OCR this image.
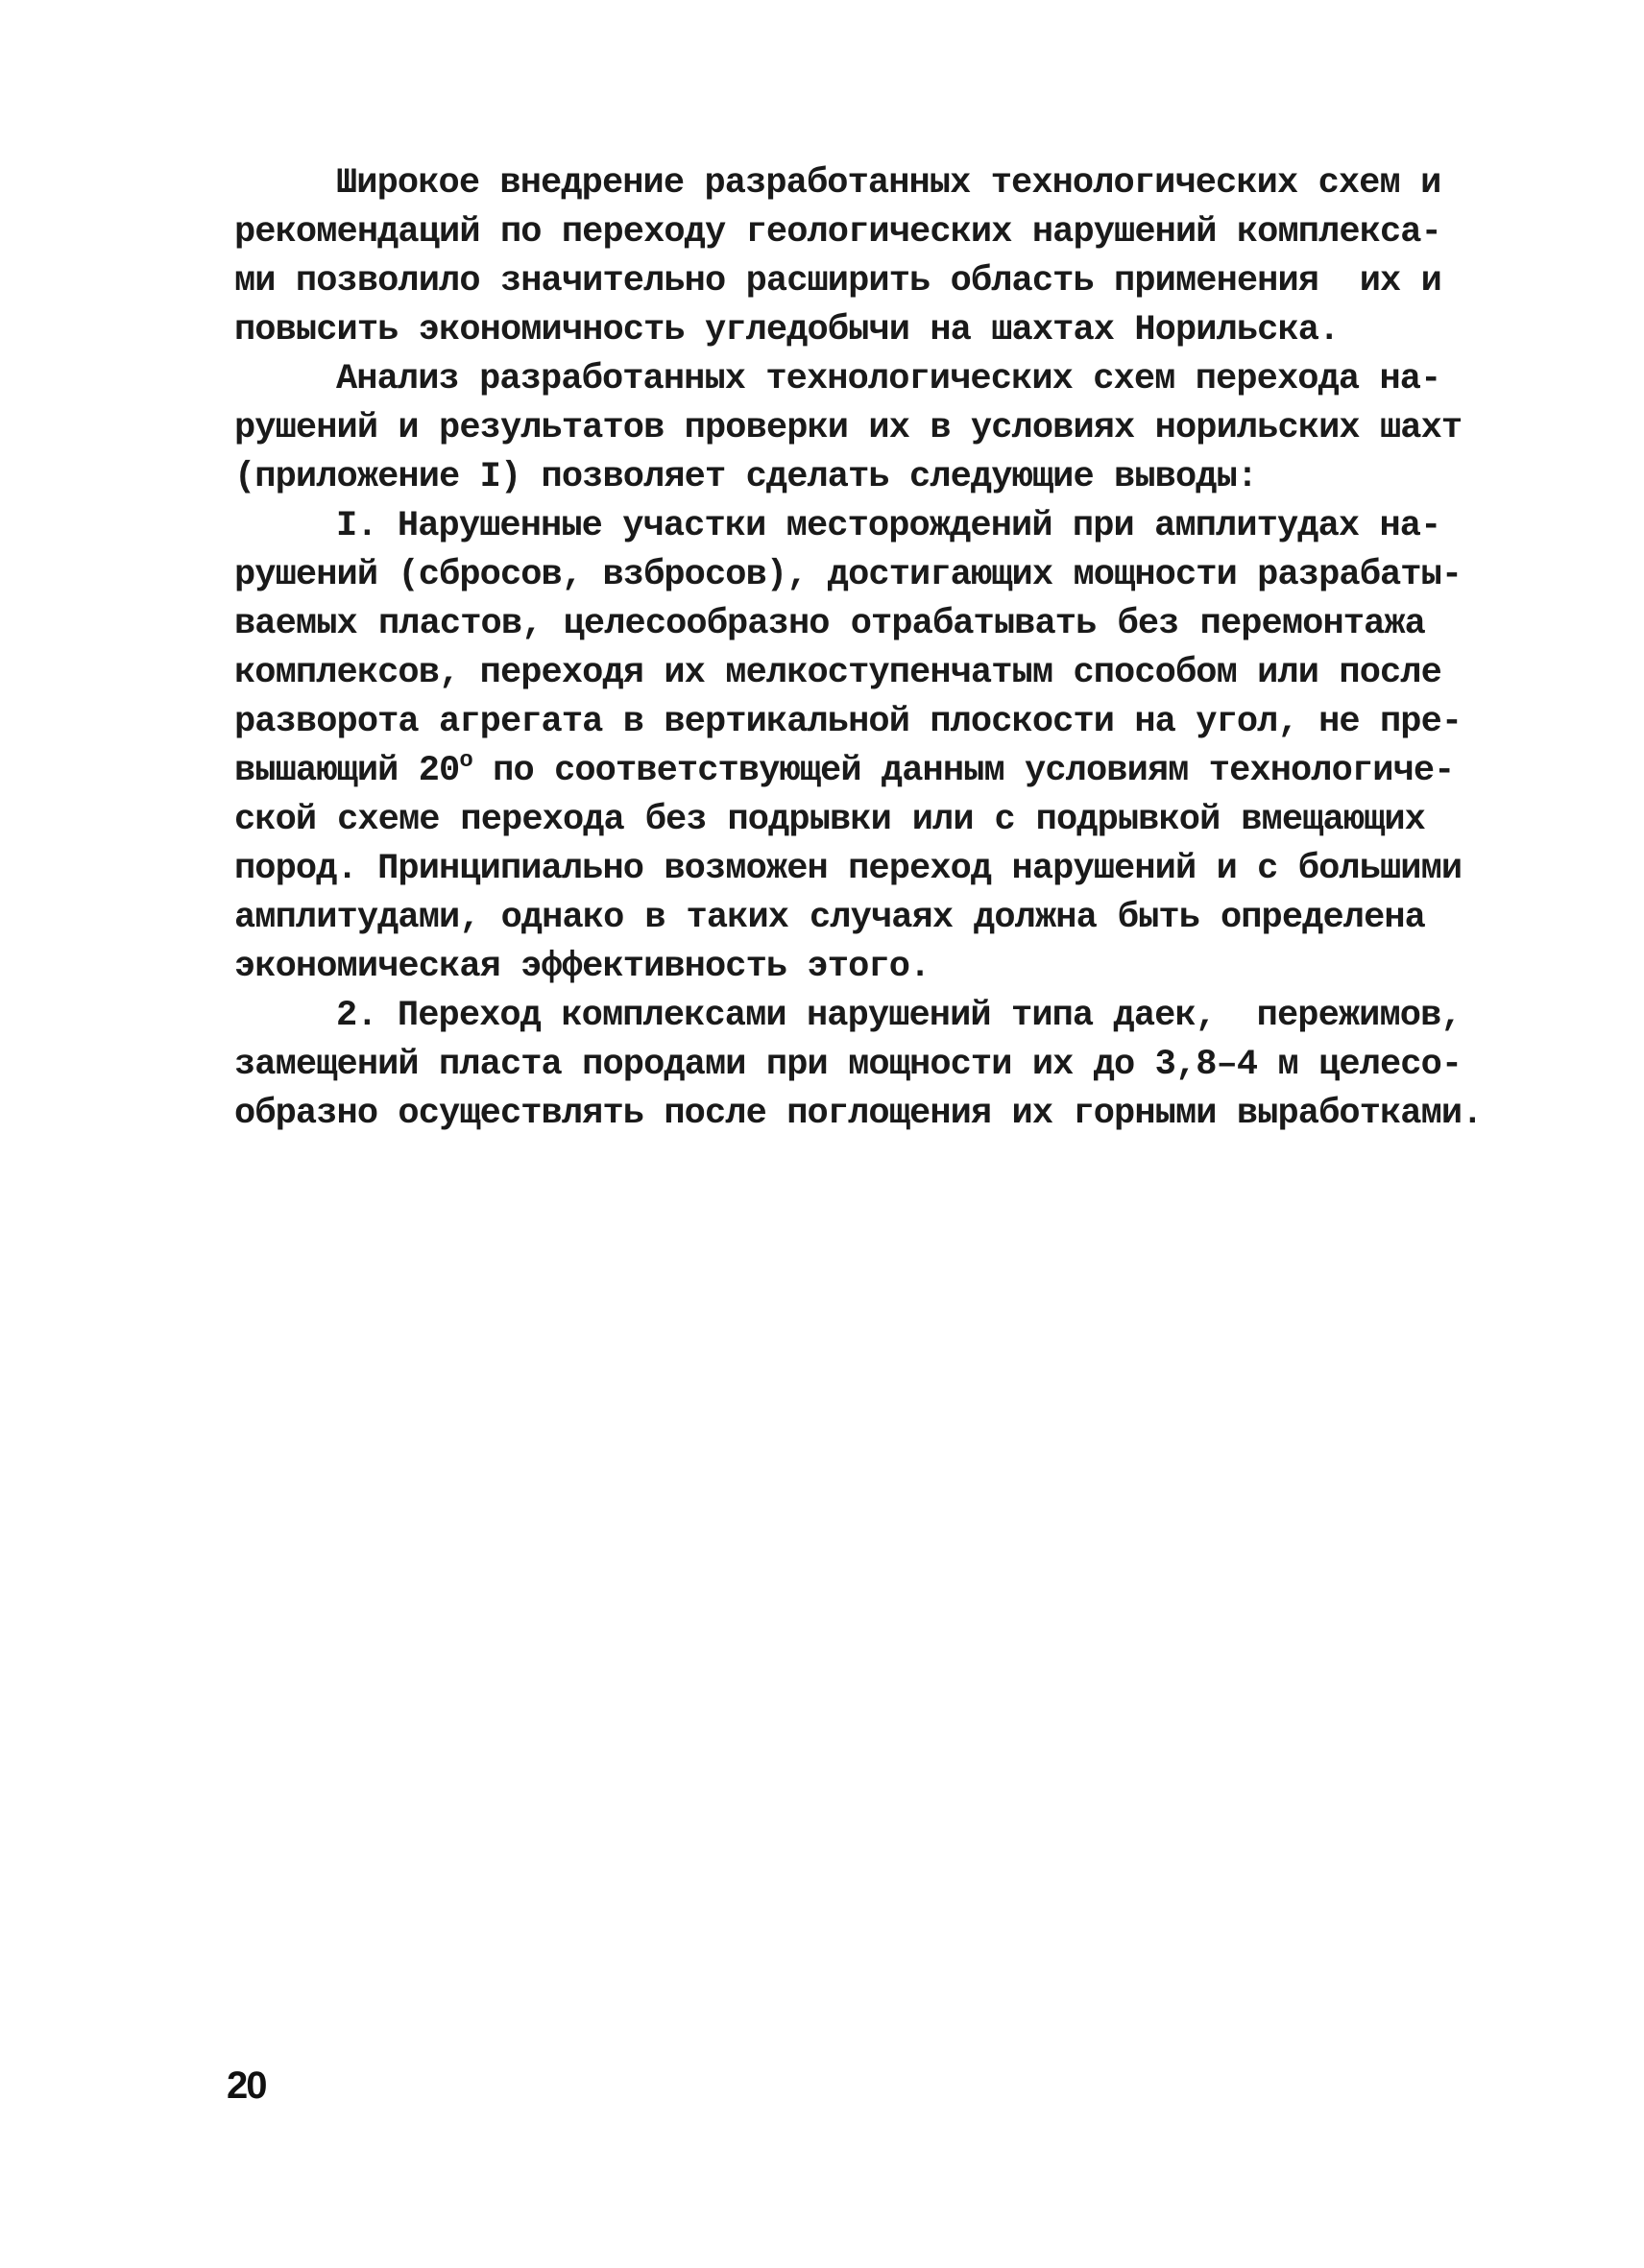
Широкое внедрение разработанных технологических схем и
рекомендаций по переходу геологических нарушений комплекса-
ми позволило значительно расширить область применения  их и
повысить экономичность угледобычи на шахтах Норильска.
Анализ разработанных технологических схем перехода на-
рушений и результатов проверки их в условиях норильских шахт
(приложение I) позволяет сделать следующие выводы:
I. Нарушенные участки месторождений при амплитудах на-
рушений (сбросов, взбросов), достигающих мощности разрабаты-
ваемых пластов, целесообразно отрабатывать без перемонтажа
комплексов, переходя их мелкоступенчатым способом или после
разворота агрегата в вертикальной плоскости на угол, не пре-
вышающий $20^о$ по соответствующей данным условиям технологиче-
ской схеме перехода без подрывки или с подрывкой вмещающих
пород. Принципиально возможен переход нарушений и с большими
амплитудами, однако в таких случаях должна быть определена
экономическая эффективность этого.
2. Переход комплексами нарушений типа даек,  пережимов,
замещений пласта породами при мощности их до 3,8–4 м целесо-
образно осуществлять после поглощения их горными выработками.
20
